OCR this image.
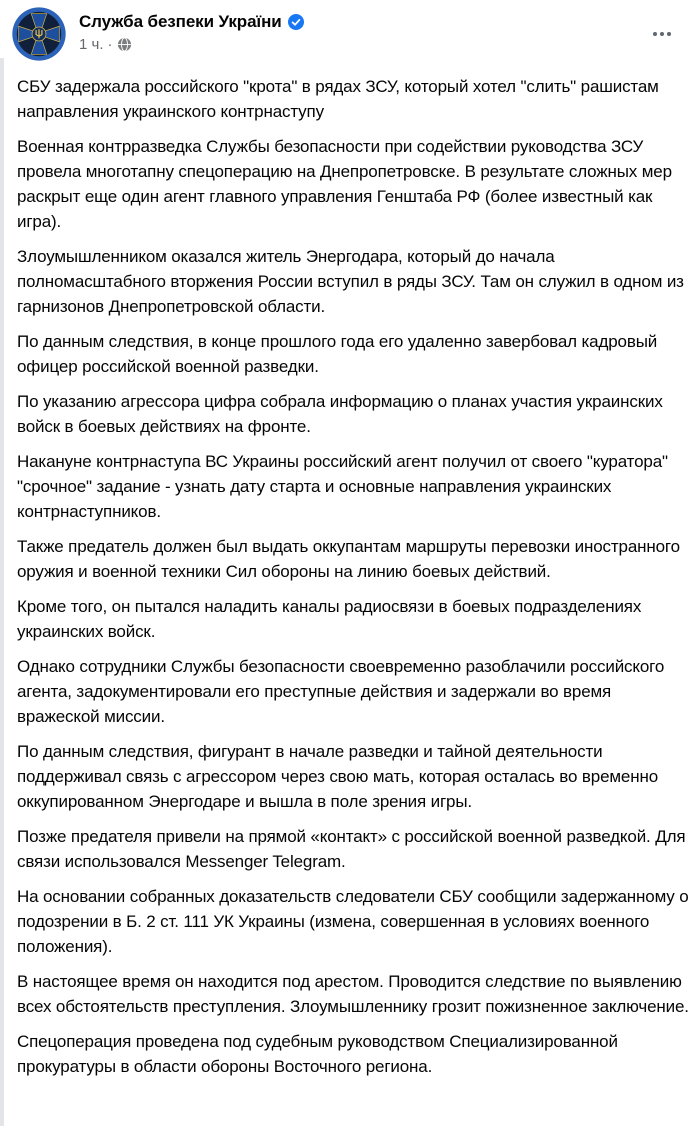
Служба безпеки України
1 ч. ·

СБУ задержала российского "крота" в рядах ЗСУ, который хотел "слить" рашистам направления украинского контрнаступу

Военная контрразведка Службы безопасности при содействии руководства ЗСУ провела многотапну спецоперацию на Днепропетровске. В результате сложных мер раскрыт еще один агент главного управления Генштаба РФ (более известный как игра).

Злоумышленником оказался житель Энергодара, который до начала полномасштабного вторжения России вступил в ряды ЗСУ. Там он служил в одном из гарнизонов Днепропетровской области.

По данным следствия, в конце прошлого года его удаленно завербовал кадровый офицер российской военной разведки.

По указанию агрессора цифра собрала информацию о планах участия украинских войск в боевых действиях на фронте.

Накануне контрнаступа ВС Украины российский агент получил от своего "куратора" "срочное" задание - узнать дату старта и основные направления украинских контрнаступников.

Также предатель должен был выдать оккупантам маршруты перевозки иностранного оружия и военной техники Сил обороны на линию боевых действий.

Кроме того, он пытался наладить каналы радиосвязи в боевых подразделениях украинских войск.

Однако сотрудники Службы безопасности своевременно разоблачили российского агента, задокументировали его преступные действия и задержали во время вражеской миссии.

По данным следствия, фигурант в начале разведки и тайной деятельности поддерживал связь с агрессором через свою мать, которая осталась во временно оккупированном Энергодаре и вышла в поле зрения игры.

Позже предателя привели на прямой «контакт» с российской военной разведкой. Для связи использовался Messenger Telegram.

На основании собранных доказательств следователи СБУ сообщили задержанному о подозрении в Б. 2 ст. 111 УК Украины (измена, совершенная в условиях военного положения).

В настоящее время он находится под арестом. Проводится следствие по выявлению всех обстоятельств преступления. Злоумышленнику грозит пожизненное заключение.

Спецоперация проведена под судебным руководством Специализированной прокуратуры в области обороны Восточного региона.
